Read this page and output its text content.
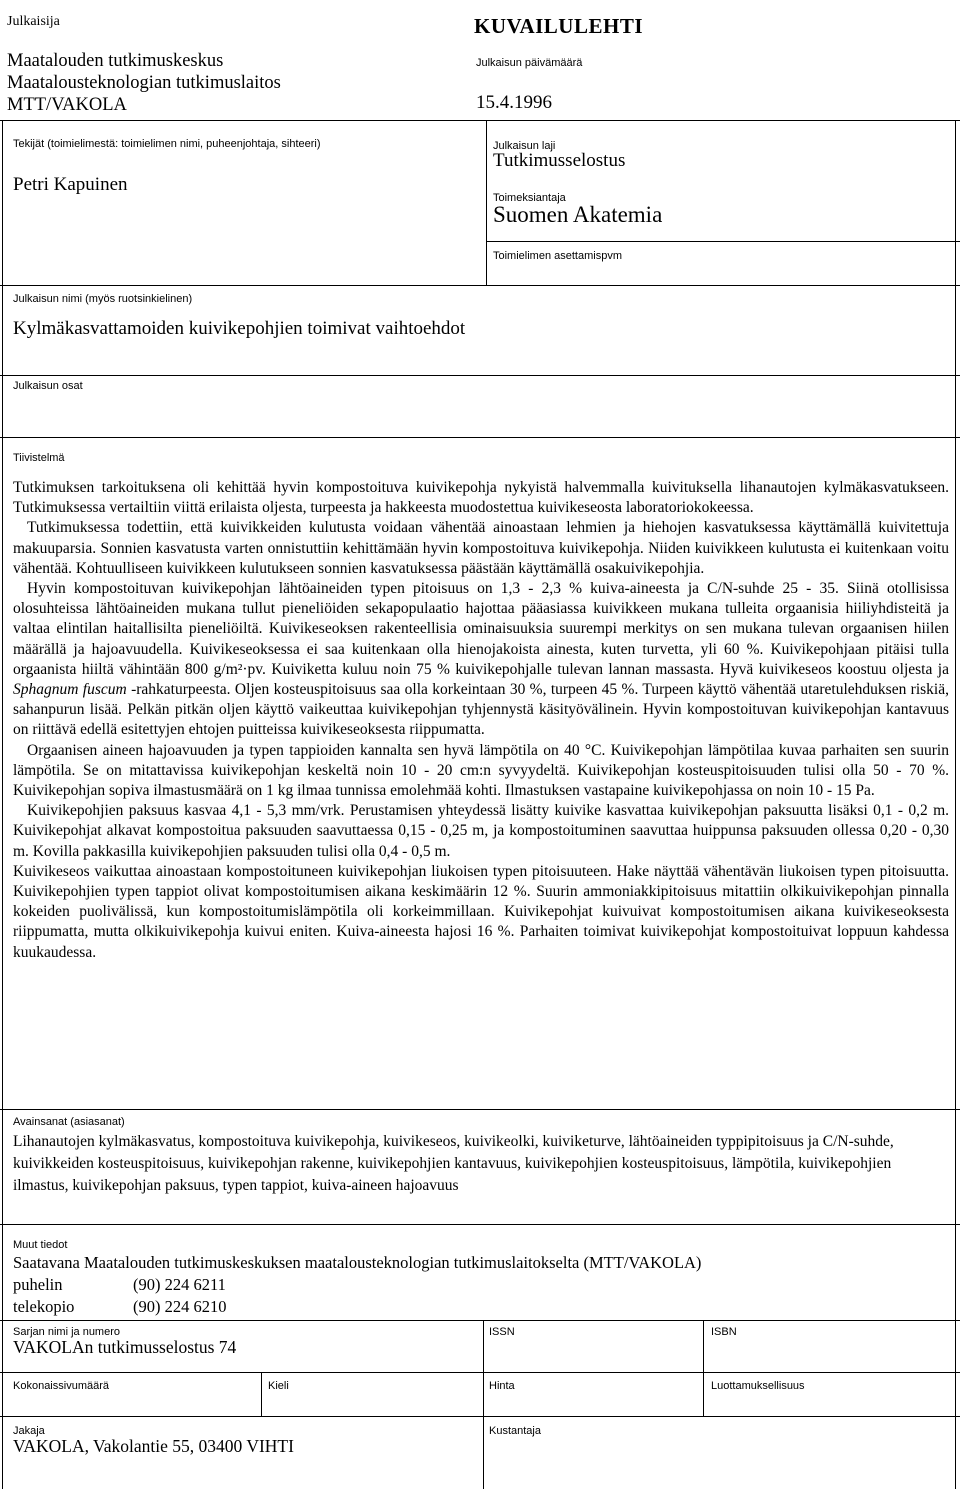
Julkaisija
Maatalouden tutkimuskeskus
Maatalousteknologian tutkimuslaitos
MTT/VAKOLA
KUVAILULEHTI
Julkaisun päivämäärä
15.4.1996
Tekijät (toimielimestä: toimielimen nimi, puheenjohtaja, sihteeri)
Petri Kapuinen
Julkaisun laji
Tutkimusselostus
Toimeksiantaja
Suomen Akatemia
Toimielimen asettamispvm
Julkaisun nimi (myös ruotsinkielinen)
Kylmäkasvattamoiden kuivikepohjien toimivat vaihtoehdot
Julkaisun osat
Tiivistelmä

Tutkimuksen tarkoituksena oli kehittää hyvin kompostoituva kuivikepohja nykyistä halvemmalla kuivituksella lihanautojen kylmäkasvatukseen. Tutkimuksessa vertailtiin viittä erilaista oljesta, turpeesta ja hakkeesta muodostettua kuivikeseosta laboratoriokokeessa.

Tutkimuksessa todettiin, että kuivikkeiden kulutusta voidaan vähentää ainoastaan lehmien ja hiehojen kasvatuksessa käyttämällä kuivitettuja makuuparsia. Sonnien kasvatusta varten onnistuttiin kehittämään hyvin kompostoituva kuivikepohja. Niiden kuivikkeen kulutusta ei kuitenkaan voitu vähentää. Kohtuulliseen kuivikkeen kulutukseen sonnien kasvatuksessa päästään käyttämällä osakuivikepohjia.

Hyvin kompostoituvan kuivikepohjan lähtöaineiden typen pitoisuus on 1,3 - 2,3 % kuiva-aineesta ja C/N-suhde 25 - 35. Siinä otollisissa olosuhteissa lähtöaineiden mukana tullut pieneliöiden sekapopulaatio hajottaa pääasiassa kuivikkeen mukana tulleita orgaanisia hiiliyhdisteitä ja valtaa elintilan haitallisilta pieneliöiltä. Kuivikeseoksen rakenteellisia ominaisuuksia suurempi merkitys on sen mukana tulevan orgaanisen hiilen määrällä ja hajoavuudella. Kuivikeseoksessa ei saa kuitenkaan olla hienojakoista ainesta, kuten turvetta, yli 60 %. Kuivikepohjaan pitäisi tulla orgaanista hiiltä vähintään 800 g/m²·pv. Kuiviketta kuluu noin 75 % kuivikepohjalle tulevan lannan massasta. Hyvä kuivikeseos koostuu oljesta ja Sphagnum fuscum -rahkaturpeesta. Oljen kosteuspitoisuus saa olla korkeintaan 30 %, turpeen 45 %. Turpeen käyttö vähentää utaretulehduksen riskiä, sahanpurun lisää. Pelkän pitkän oljen käyttö vaikeuttaa kuivikepohjan tyhjennystä käsityövälinein. Hyvin kompostoituvan kuivikepohjan kantavuus on riittävä edellä esitettyjen ehtojen puitteissa kuivikeseoksesta riippumatta.

Orgaanisen aineen hajoavuuden ja typen tappioiden kannalta sen hyvä lämpötila on 40 °C. Kuivikepohjan lämpötilaa kuvaa parhaiten sen suurin lämpötila. Se on mitattavissa kuivikepohjan keskeltä noin 10 - 20 cm:n syvyydeltä. Kuivikepohjan kosteuspitoisuuden tulisi olla 50 - 70 %. Kuivikepohjan sopiva ilmastusmäärä on 1 kg ilmaa tunnissa emolehmää kohti. Ilmastuksen vastapaine kuivikepohjassa on noin 10 - 15 Pa.

Kuivikepohjien paksuus kasvaa 4,1 - 5,3 mm/vrk. Perustamisen yhteydessä lisätty kuivike kasvattaa kuivikepohjan paksuutta lisäksi 0,1 - 0,2 m. Kuivikepohjat alkavat kompostoitua paksuuden saavuttaessa 0,15 - 0,25 m, ja kompostoituminen saavuttaa huippunsa paksuuden ollessa 0,20 - 0,30 m. Kovilla pakkasilla kuivikepohjien paksuuden tulisi olla 0,4 - 0,5 m.

Kuivikeseos vaikuttaa ainoastaan kompostoituneen kuivikepohjan liukoisen typen pitoisuuteen. Hake näyttää vähentävän liukoisen typen pitoisuutta. Kuivikepohjien typen tappiot olivat kompostoitumisen aikana keskimäärin 12 %. Suurin ammoniakkipitoisuus mitattiin olkikuivikepohjan pinnalla kokeiden puolivälissä, kun kompostoitumislämpötila oli korkeimmillaan. Kuivikepohjat kuivuivat kompostoitumisen aikana kuivikeseoksesta riippumatta, mutta olkikuivikepohja kuivui eniten. Kuiva-aineesta hajosi 16 %. Parhaiten toimivat kuivikepohjat kompostoituivat loppuun kahdessa kuukaudessa.

Avainsanat (asiasanat)
Lihanautojen kylmäkasvatus, kompostoituva kuivikepohja, kuivikeseos, kuivikeolki, kuiviketurve, lähtöaineiden typpipitoisuus ja C/N-suhde, kuivikkeiden kosteuspitoisuus, kuivikepohjan rakenne, kuivikepohjien kantavuus, kuivikepohjien kosteuspitoisuus, lämpötila, kuivikepohjien ilmastus, kuivikepohjan paksuus, typen tappiot, kuiva-aineen hajoavuus
Muut tiedot
Saatavana Maatalouden tutkimuskeskuksen maatalousteknologian tutkimuslaitokselta (MTT/VAKOLA)
puhelin	(90) 224 6211
telekopio	(90) 224 6210
Sarjan nimi ja numero
VAKOLAn tutkimusselostus 74
ISSN	ISBN
Kokonaissivumäärä	Kieli	Hinta	Luottamuksellisuus
Jakaja
VAKOLA, Vakolantie 55, 03400 VIHTI
Kustantaja
